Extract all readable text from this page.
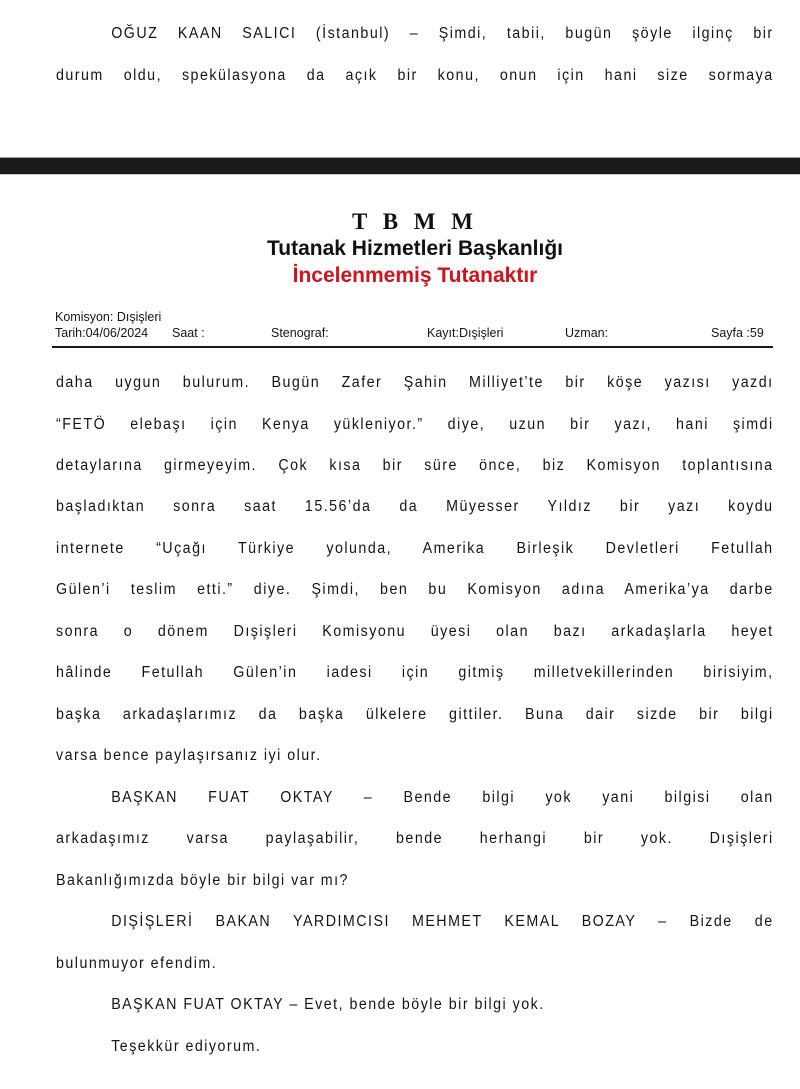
OĞUZ KAAN SALICI (İstanbul) – Şimdi, tabii, bugün şöyle ilginç bir
durum oldu, spekülasyona da açık bir konu, onun için hani size sormaya
T B M M
Tutanak Hizmetleri Başkanlığı
İncelenmemiş Tutanaktır
Komisyon: Dışişleri
Tarih:04/06/2024 Saat :	Stenograf:	Kayıt:Dışişleri	Uzman:	Sayfa :59
daha uygun bulurum. Bugün Zafer Şahin Milliyet’te bir köşe yazısı yazdı
“FETÖ elebaşı için Kenya yükleniyor.” diye, uzun bir yazı, hani şimdi
detaylarına girmeyeyim. Çok kısa bir süre önce, biz Komisyon toplantısına
başladıktan sonra saat 15.56’da da Müyesser Yıldız bir yazı koydu
internete “Uçağı Türkiye yolunda, Amerika Birleşik Devletleri Fetullah
Gülen’i teslim etti.” diye. Şimdi, ben bu Komisyon adına Amerika’ya darbe
sonra o dönem Dışişleri Komisyonu üyesi olan bazı arkadaşlarla heyet
hâlinde Fetullah Gülen’in iadesi için gitmiş milletvekillerinden birisiyim,
başka arkadaşlarımız da başka ülkelere gittiler. Buna dair sizde bir bilgi
varsa bence paylaşırsanız iyi olur.
BAŞKAN FUAT OKTAY – Bende bilgi yok yani bilgisi olan
arkadaşımız varsa paylaşabilir, bende herhangi bir yok. Dışişleri
Bakanlığımızda böyle bir bilgi var mı?
DIŞİŞLERİ BAKAN YARDIMCISI MEHMET KEMAL BOZAY – Bizde de
bulunmuyor efendim.
BAŞKAN FUAT OKTAY – Evet, bende böyle bir bilgi yok.
Teşekkür ediyorum.
